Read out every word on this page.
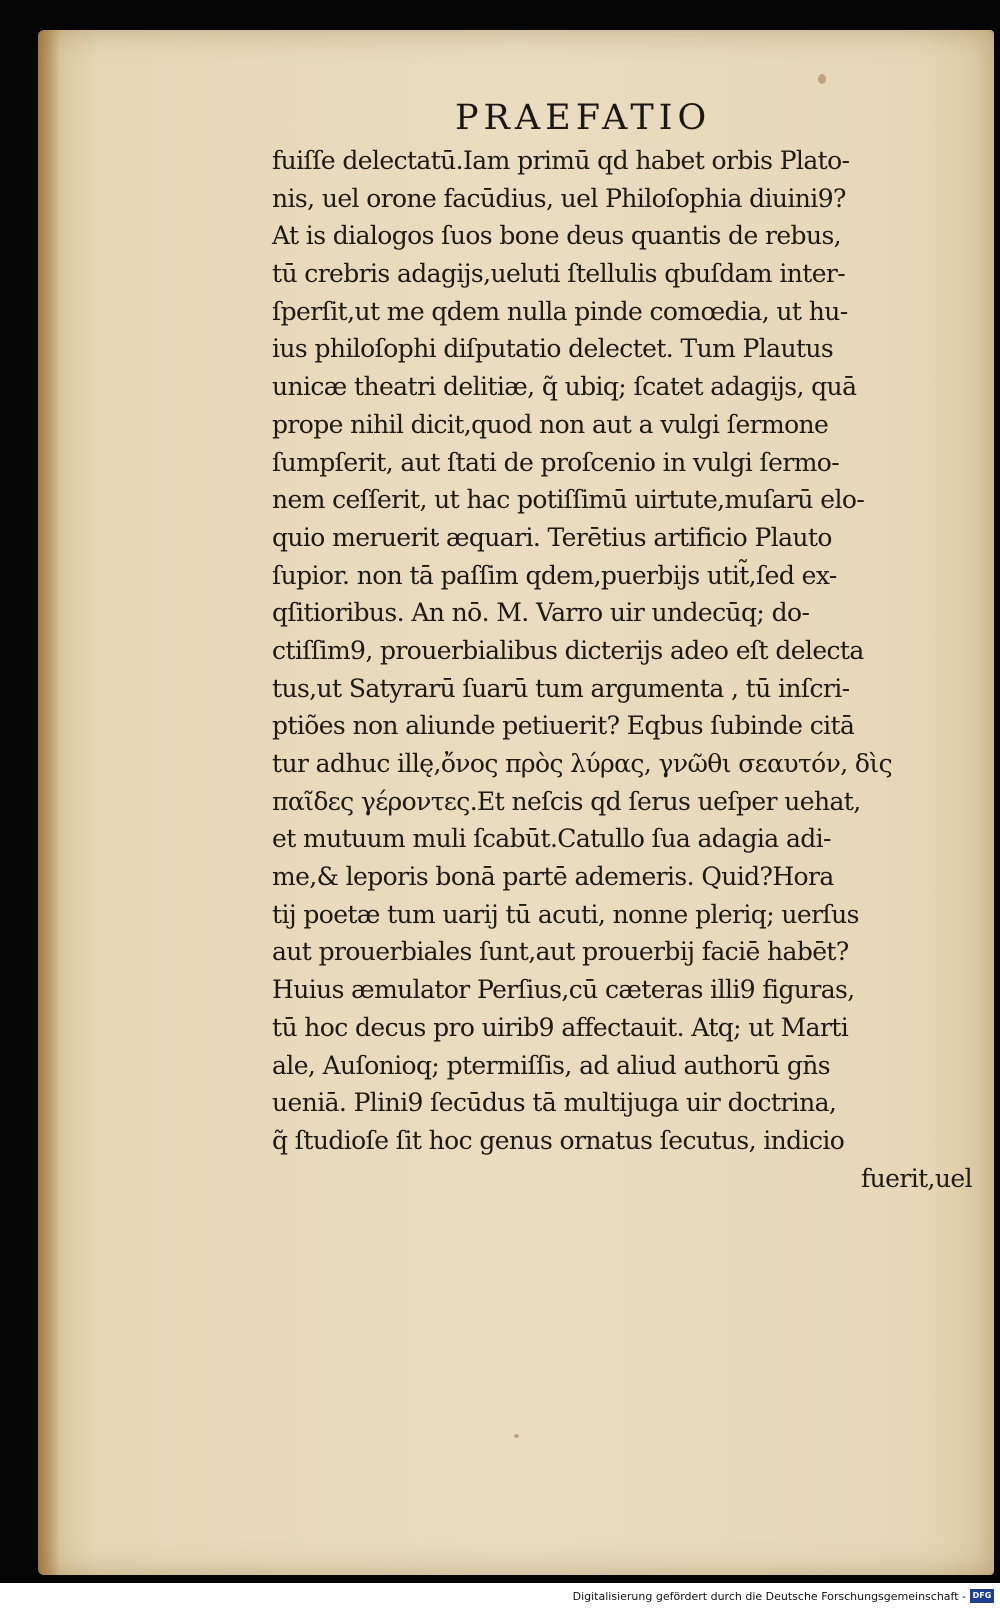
PRAEFATIO
fuiſſe delectatū.Iam primū qd habet orbis Plato-
nis, uel orone facūdius, uel Philoſophia diuini9?
At is dialogos ſuos bone deus quantis de rebus,
tū crebris adagijs,ueluti ſtellulis qbuſdam inter-
ſperſit,ut me qdem nulla pinde comœdia, ut hu-
ius philoſophi diſputatio delectet. Tum Plautus
unicæ theatri delitiæ, q̃ ubiq; ſcatet adagijs, quā
prope nihil dicit,quod non aut a vulgi ſermone
ſumpſerit, aut ſtati de proſcenio in vulgi ſermo-
nem ceſſerit, ut hac potiſſimū uirtute,muſarū elo-
quio meruerit æquari. Terētius artificio Plauto
ſupior. non tā paſſim qdem,puerbijs utit̃,ſed ex-
qſitioribus. An nō. M. Varro uir undecūq; do-
ctiſſim9, prouerbialibus dicterijs adeo eſt delecta
tus,ut Satyrarū ſuarū tum argumenta , tū inſcri-
ptiões non aliunde petiuerit? Eqbus ſubinde citā
tur adhuc illę,ὄνος πρὸς λύρας, γνῶθι σεαυτόν, δὶς
παῖδες γέροντες.Et neſcis qd ſerus ueſper uehat,
et mutuum muli ſcabūt.Catullo ſua adagia adi-
me,& leporis bonā partē ademeris. Quid?Hora
tij poetæ tum uarij tū acuti, nonne pleriq; uerſus
aut prouerbiales ſunt,aut prouerbij faciē habēt?
Huius æmulator Perſius,cū cæteras illi9 figuras,
tū hoc decus pro uirib9 affectauit. Atq; ut Marti
ale, Auſonioq; ptermiſſis, ad aliud authorū gn̄s
ueniā. Plini9 ſecūdus tā multijuga uir doctrina,
q̃ ſtudioſe ſit hoc genus ornatus ſecutus, indicio
fuerit,uel
Digitalisierung gefördert durch die Deutsche Forschungsgemeinschaft - DFG
